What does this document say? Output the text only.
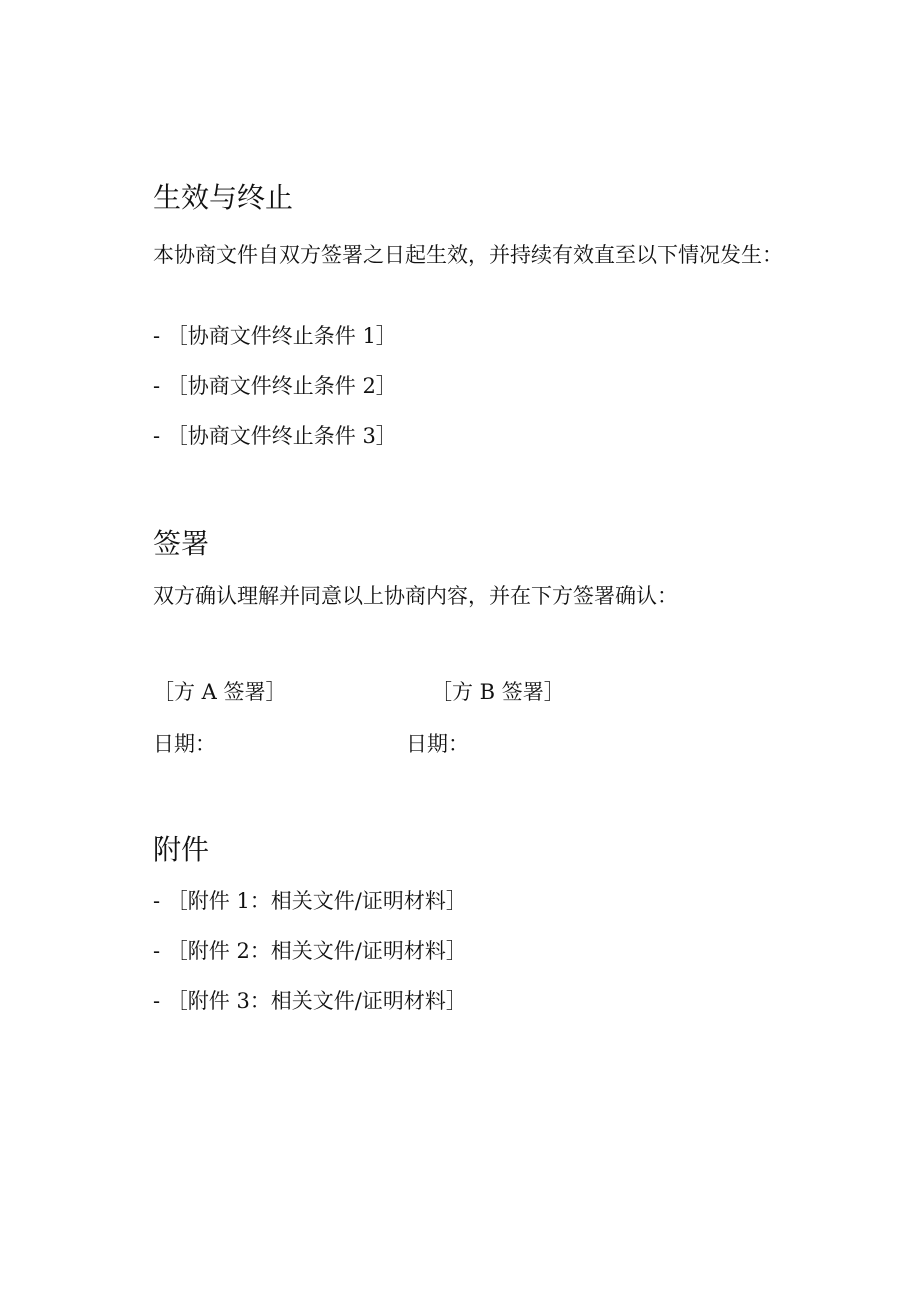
生效与终止

本协商文件自双方签署之日起生效，并持续有效直至以下情况发生：

- ［协商文件终止条件 1］
- ［协商文件终止条件 2］
- ［协商文件终止条件 3］
签署
双方确认理解并同意以上协商内容，并在下方签署确认：
［方 A 签署］	［方 B 签署］
日期：	日期：
附件
- ［附件 1：相关文件/证明材料］
- ［附件 2：相关文件/证明材料］
- ［附件 3：相关文件/证明材料］
